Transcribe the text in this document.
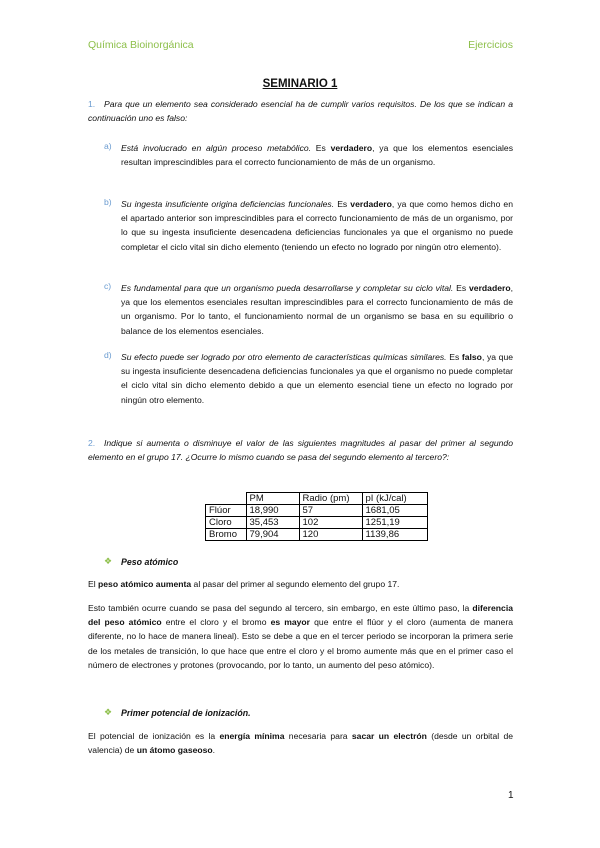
Química Bioinorgánica	Ejercicios
SEMINARIO 1
1. Para que un elemento sea considerado esencial ha de cumplir varios requisitos. De los que se indican a continuación uno es falso:
a) Está involucrado en algún proceso metabólico. Es verdadero, ya que los elementos esenciales resultan imprescindibles para el correcto funcionamiento de más de un organismo.
b) Su ingesta insuficiente origina deficiencias funcionales. Es verdadero, ya que como hemos dicho en el apartado anterior son imprescindibles para el correcto funcionamiento de más de un organismo, por lo que su ingesta insuficiente desencadena deficiencias funcionales ya que el organismo no puede completar el ciclo vital sin dicho elemento (teniendo un efecto no logrado por ningún otro elemento).
c) Es fundamental para que un organismo pueda desarrollarse y completar su ciclo vital. Es verdadero, ya que los elementos esenciales resultan imprescindibles para el correcto funcionamiento de más de un organismo. Por lo tanto, el funcionamiento normal de un organismo se basa en su equilibrio o balance de los elementos esenciales.
d) Su efecto puede ser logrado por otro elemento de características químicas similares. Es falso, ya que su ingesta insuficiente desencadena deficiencias funcionales ya que el organismo no puede completar el ciclo vital sin dicho elemento debido a que un elemento esencial tiene un efecto no logrado por ningún otro elemento.
2. Indique si aumenta o disminuye el valor de las siguientes magnitudes al pasar del primer al segundo elemento en el grupo 17. ¿Ocurre lo mismo cuando se pasa del segundo elemento al tercero?:
	PM	Radio (pm)	pI (kJ/cal)
Flúor	18,990	57	1681,05
Cloro	35,453	102	1251,19
Bromo	79,904	120	1139,86
❖ Peso atómico
El peso atómico aumenta al pasar del primer al segundo elemento del grupo 17.
Esto también ocurre cuando se pasa del segundo al tercero, sin embargo, en este último paso, la diferencia del peso atómico entre el cloro y el bromo es mayor que entre el flúor y el cloro (aumenta de manera diferente, no lo hace de manera lineal). Esto se debe a que en el tercer periodo se incorporan la primera serie de los metales de transición, lo que hace que entre el cloro y el bromo aumente más que en el primer caso el número de electrones y protones (provocando, por lo tanto, un aumento del peso atómico).
❖ Primer potencial de ionización.
El potencial de ionización es la energía mínima necesaria para sacar un electrón (desde un orbital de valencia) de un átomo gaseoso.
1
